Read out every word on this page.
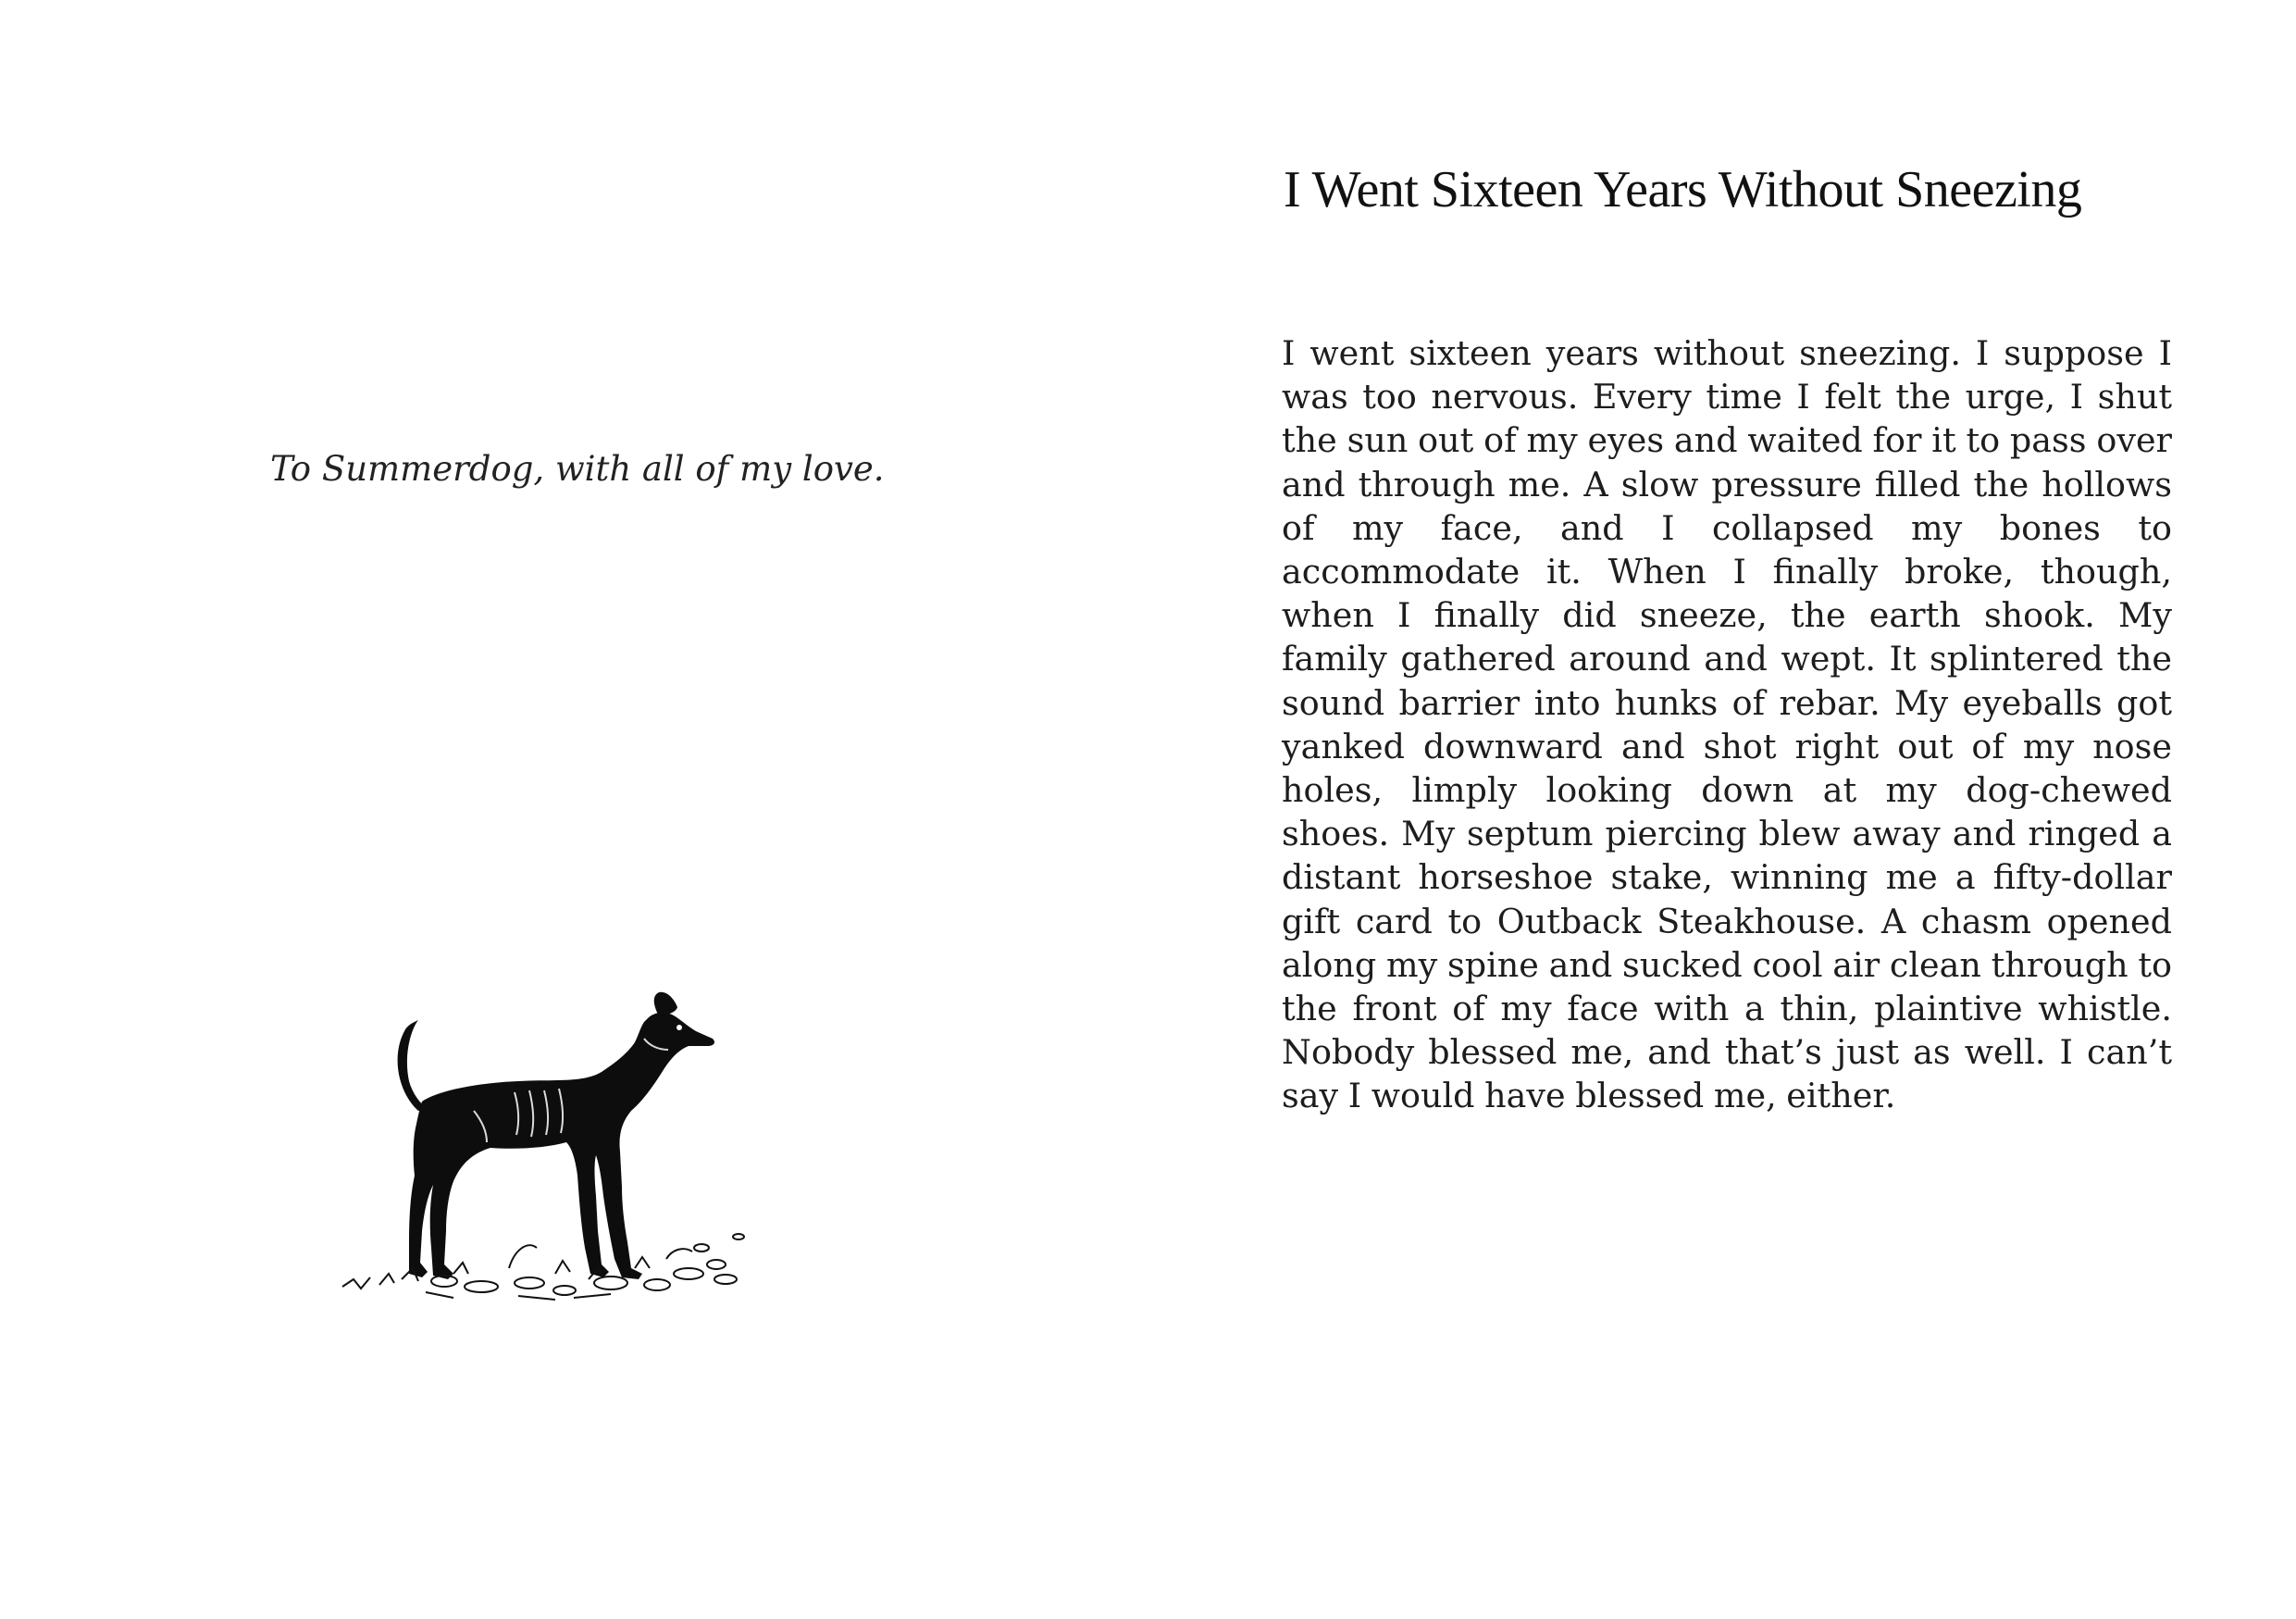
To Summerdog, with all of my love.
I Went Sixteen Years Without Sneezing
I went sixteen years without sneezing. I suppose I was too nervous. Every time I felt the urge, I shut the sun out of my eyes and waited for it to pass over and through me. A slow pressure filled the hollows of my face, and I collapsed my bones to accommodate it. When I finally broke, though, when I finally did sneeze, the earth shook. My family gathered around and wept. It splintered the sound barrier into hunks of rebar. My eyeballs got yanked downward and shot right out of my nose holes, limply looking down at my dog-chewed shoes. My septum piercing blew away and ringed a distant horseshoe stake, winning me a fifty-dollar gift card to Outback Steakhouse. A chasm opened along my spine and sucked cool air clean through to the front of my face with a thin, plaintive whistle. Nobody blessed me, and that’s just as well. I can’t say I would have blessed me, either.
